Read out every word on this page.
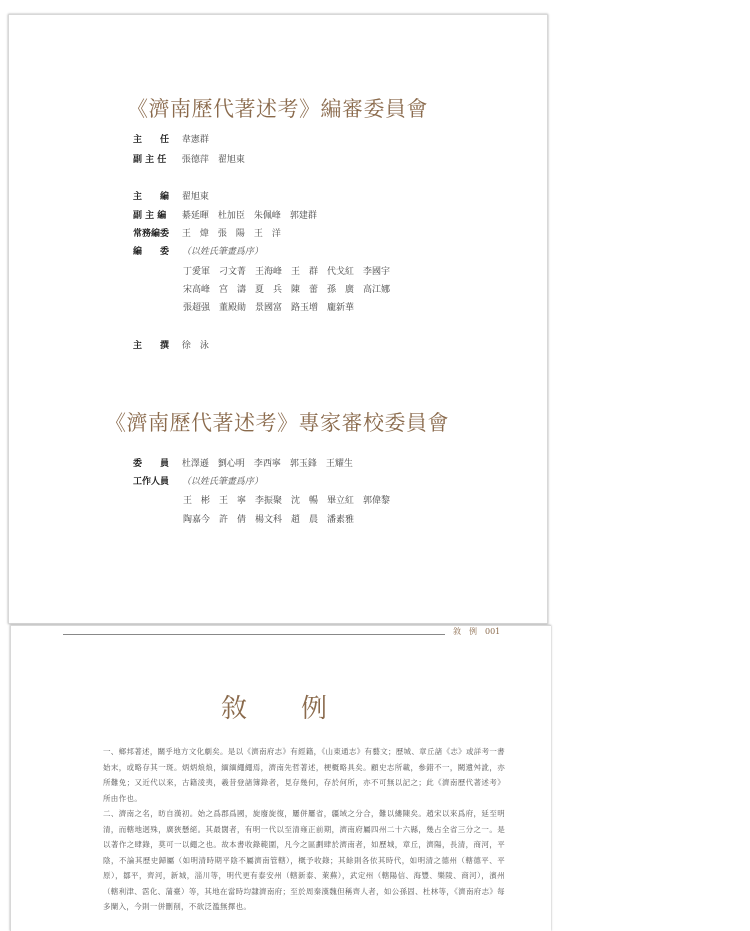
《濟南歷代著述考》編審委員會
主　　任 韋憲群
副 主 任 張德萍　翟旭東
主　　編 翟旭東
副 主 編 綦延暉　杜加臣　朱佩峰　郭建群
常務編委 王　煒　張　陽　王　洋
編　　委 （以姓氏筆畫爲序）
丁愛軍　刁文菁　王海峰　王　群　代戈紅　李國宇
宋高峰　宫　濤　夏　兵　陳　蕾　孫　廣　高江娜
張超强　董殿勛　景國富　路玉增　龐新華
主　　撰 徐　泳
《濟南歷代著述考》專家審校委員會
委　　員 杜澤遜　劉心明　李西寧　郭玉鋒　王耀生
工作人員 （以姓氏筆畫爲序）
王　彬　王　寧　李振聚　沈　暢　畢立紅　郭偉黎
陶嘉今　許　倩　楊文科　趙　晨　潘素雅
敘　例　001
敘　例
一、鄉邦著述，關乎地方文化劇矣。是以《濟南府志》有經籍，《山東通志》有藝文；歷城、章丘諸《志》或詳考一書始末，或略存其一斑。炳炳烺烺，緬緬繩繩焉，濟南先哲著述，梗概略具矣。顧史志所載，參錯不一，闕遺舛訛，亦所難免；又近代以來，古籍淩夷，羲昔登諸簿錄者，見存幾何，存於何所，亦不可無以記之；此《濟南歷代著述考》所由作也。
二、濟南之名，昉自漢初。始之爲郡爲國，旋廢旋復，屢併屢省，疆域之分合，難以縷陳矣。趙宋以來爲府，延至明清，而轄地迥殊，廣狹懸絕。其最闊者，有明一代以至清雍正前期，濟南府屬四州二十六縣，幾占全省三分之一。是以著作之肆錄，莫可一以繩之也。故本書收錄範圍，凡今之區劃肆於濟南者，如歷城，章丘，濟陽，長清，商河，平陰，不論其歷史歸屬（如明清時期平陰不屬濟南管轄），概予收錄；其餘則各依其時代，如明清之德州（轄德平、平原），鄒平，齊河，新城，淄川等，明代更有泰安州（轄新泰、萊蕪），武定州（轄陽信、海豐、樂陵、商河），濱州（轄利津、霑化、蒲臺）等，其地在當時均隸濟南府；至於周秦漢魏但稱齊人者，如公孫固、杜林等，《濟南府志》每多闌入，今則一併刪削，不欲泛濫無擇也。
